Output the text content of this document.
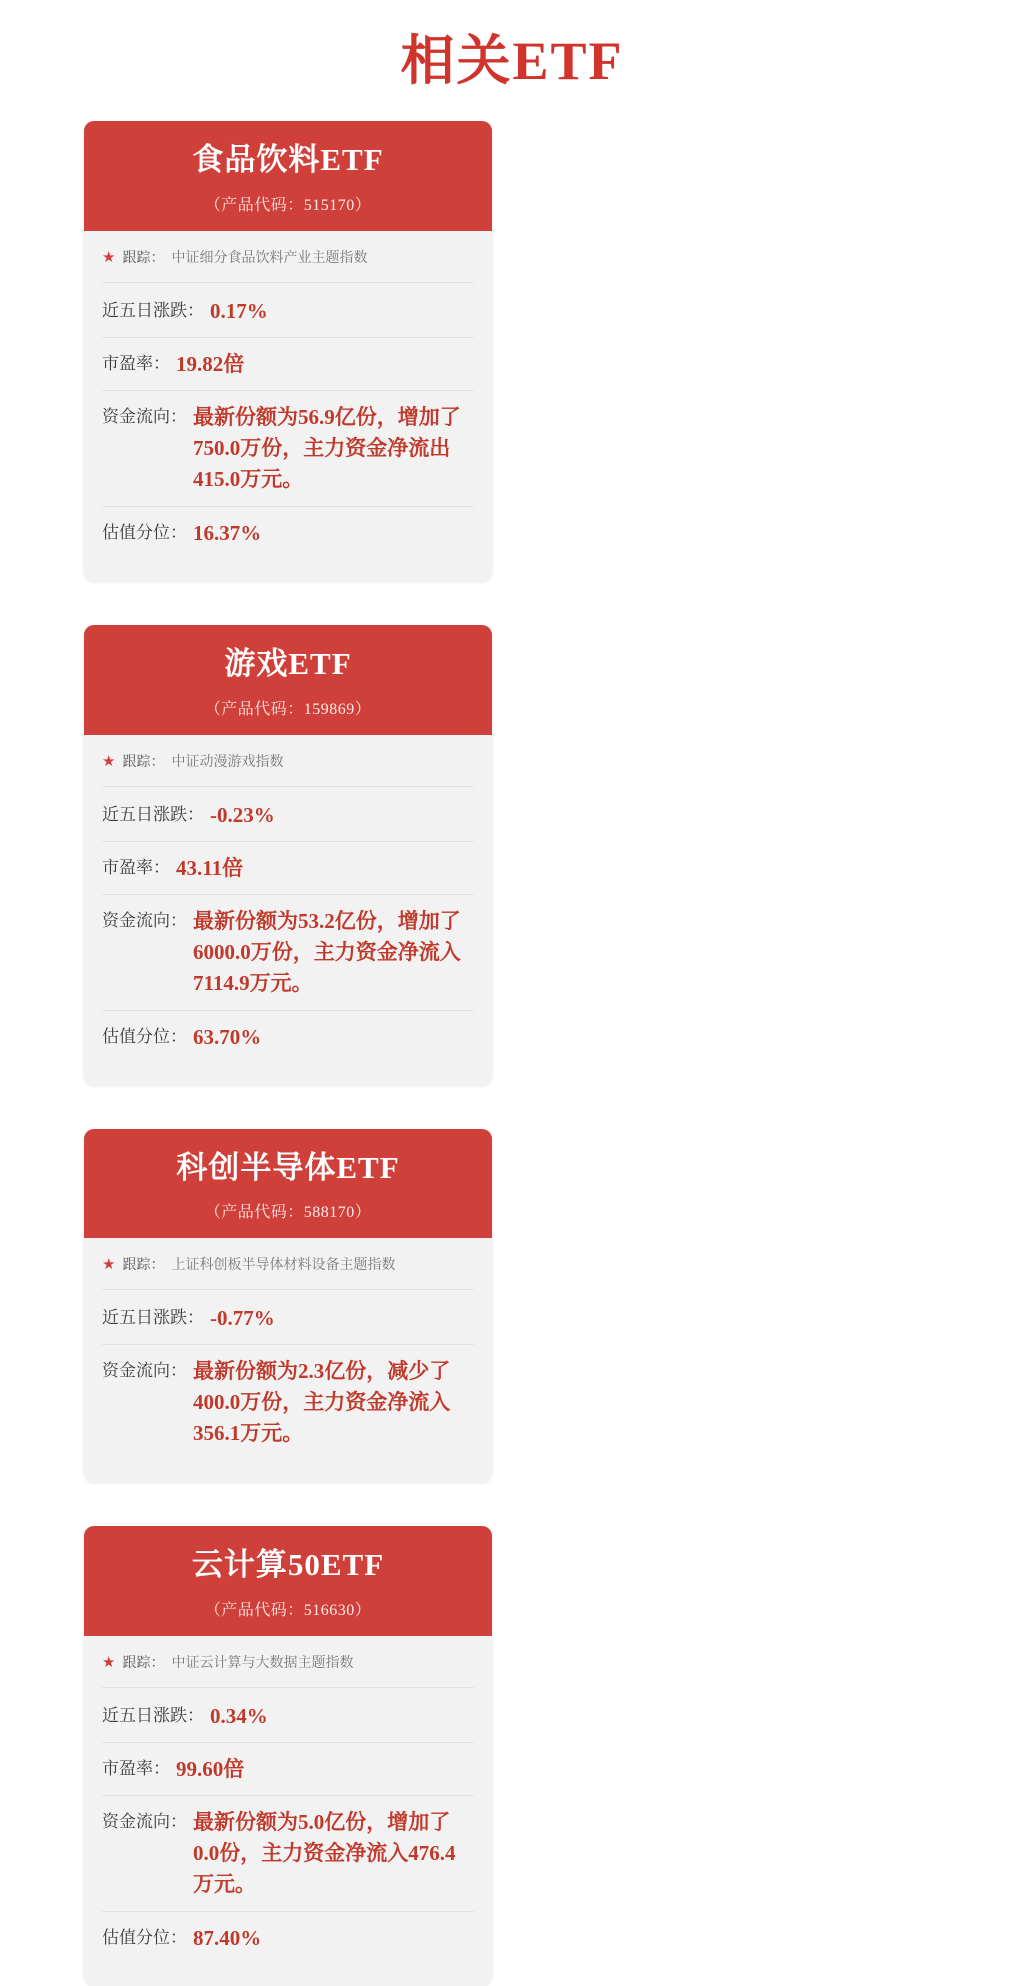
相关ETF
食品饮料ETF
（产品代码：515170）
★ 跟踪： 中证细分食品饮料产业主题指数
近五日涨跌： 0.17%
市盈率： 19.82倍
资金流向： 最新份额为56.9亿份，增加了750.0万份，主力资金净流出415.0万元。
估值分位： 16.37%
游戏ETF
（产品代码：159869）
★ 跟踪： 中证动漫游戏指数
近五日涨跌： -0.23%
市盈率： 43.11倍
资金流向： 最新份额为53.2亿份，增加了6000.0万份，主力资金净流入7114.9万元。
估值分位： 63.70%
科创半导体ETF
（产品代码：588170）
★ 跟踪： 上证科创板半导体材料设备主题指数
近五日涨跌： -0.77%
资金流向： 最新份额为2.3亿份，减少了400.0万份，主力资金净流入356.1万元。
云计算50ETF
（产品代码：516630）
★ 跟踪： 中证云计算与大数据主题指数
近五日涨跌： 0.34%
市盈率： 99.60倍
资金流向： 最新份额为5.0亿份，增加了0.0份，主力资金净流入476.4万元。
估值分位： 87.40%
